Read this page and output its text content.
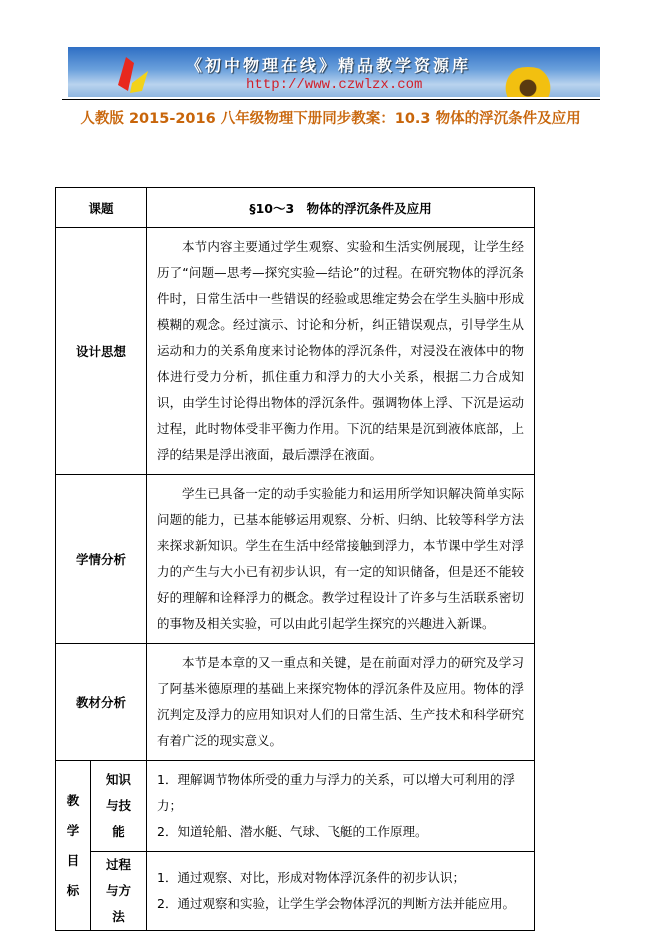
《初中物理在线》精品教学资源库
http://www.czwlzx.com
人教版 2015-2016 八年级物理下册同步教案：10.3 物体的浮沉条件及应用
课题		§10～3　物体的浮沉条件及应用
设计思想		本节内容主要通过学生观察、实验和生活实例展现，让学生经历了“问题—思考—探究实验—结论”的过程。在研究物体的浮沉条件时，日常生活中一些错误的经验或思维定势会在学生头脑中形成模糊的观念。经过演示、讨论和分析，纠正错误观点，引导学生从运动和力的关系角度来讨论物体的浮沉条件，对浸没在液体中的物体进行受力分析，抓住重力和浮力的大小关系，根据二力合成知识，由学生讨论得出物体的浮沉条件。强调物体上浮、下沉是运动过程，此时物体受非平衡力作用。下沉的结果是沉到液体底部，上浮的结果是浮出液面，最后漂浮在液面。
学情分析		学生已具备一定的动手实验能力和运用所学知识解决简单实际问题的能力，已基本能够运用观察、分析、归纳、比较等科学方法来探求新知识。学生在生活中经常接触到浮力，本节课中学生对浮力的产生与大小已有初步认识，有一定的知识储备，但是还不能较好的理解和诠释浮力的概念。教学过程设计了许多与生活联系密切的事物及相关实验，可以由此引起学生探究的兴趣进入新课。
教材分析		本节是本章的又一重点和关键，是在前面对浮力的研究及学习了阿基米德原理的基础上来探究物体的浮沉条件及应用。物体的浮沉判定及浮力的应用知识对人们的日常生活、生产技术和科学研究有着广泛的现实意义。
教学目标	知识与技能	1．理解调节物体所受的重力与浮力的关系，可以增大可利用的浮力；
2．知道轮船、潜水艇、气球、飞艇的工作原理。

	过程与方法	1．通过观察、对比，形成对物体浮沉条件的初步认识；
2．通过观察和实验，让学生学会物体浮沉的判断方法并能应用。
